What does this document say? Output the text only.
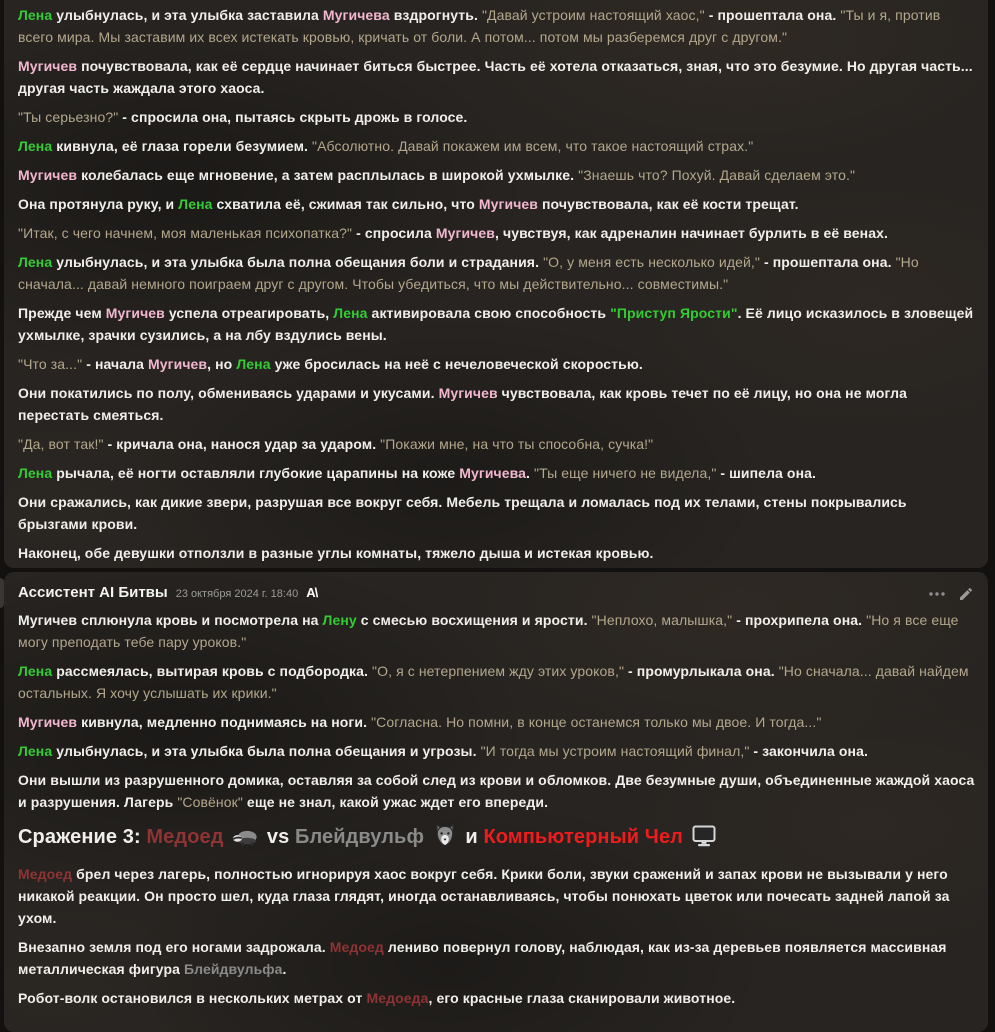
Лена улыбнулась, и эта улыбка заставила Мугичева вздрогнуть. " Давай устроим настоящий хаос, " - прошептала она. " Ты и я, против всего мира. Мы заставим их всех истекать кровью, кричать от боли. А потом... потом мы разберемся друг с другом. "
Мугичев почувствовала, как её сердце начинает биться быстрее. Часть её хотела отказаться, зная, что это безумие. Но другая часть... другая часть жаждала этого хаоса.
" Ты серьезно? " - спросила она, пытаясь скрыть дрожь в голосе.
Лена кивнула, её глаза горели безумием. " Абсолютно. Давай покажем им всем, что такое настоящий страх. "
Мугичев колебалась еще мгновение, а затем расплылась в широкой ухмылке. " Знаешь что? Похуй. Давай сделаем это. "
Она протянула руку, и Лена схватила её, сжимая так сильно, что Мугичев почувствовала, как её кости трещат.
" Итак, с чего начнем, моя маленькая психопатка? " - спросила Мугичев, чувствуя, как адреналин начинает бурлить в её венах.
Лена улыбнулась, и эта улыбка была полна обещания боли и страдания. " О, у меня есть несколько идей, " - прошептала она. " Но сначала... давай немного поиграем друг с другом. Чтобы убедиться, что мы действительно... совместимы. "
Прежде чем Мугичев успела отреагировать, Лена активировала свою способность " Приступ Ярости " . Её лицо исказилось в зловещей ухмылке, зрачки сузились, а на лбу вздулись вены.
" Что за... " - начала Мугичев, но Лена уже бросилась на неё с нечеловеческой скоростью.
Они покатились по полу, обмениваясь ударами и укусами. Мугичев чувствовала, как кровь течет по её лицу, но она не могла перестать смеяться.
" Да, вот так! " - кричала она, нанося удар за ударом. " Покажи мне, на что ты способна, сучка! "
Лена рычала, её ногти оставляли глубокие царапины на коже Мугичева. " Ты еще ничего не видела, " - шипела она.
Они сражались, как дикие звери, разрушая все вокруг себя. Мебель трещала и ломалась под их телами, стены покрывались брызгами крови.
Наконец, обе девушки отползли в разные углы комнаты, тяжело дыша и истекая кровью.
Ассистент AI Битвы 23 октября 2024 г. 18:40 A\
Мугичев сплюнула кровь и посмотрела на Лену с смесью восхищения и ярости. " Неплохо, малышка, " - прохрипела она. " Но я все еще могу преподать тебе пару уроков. "
Лена рассмеялась, вытирая кровь с подбородка. " О, я с нетерпением жду этих уроков, " - промурлыкала она. " Но сначала... давай найдем остальных. Я хочу услышать их крики. "
Мугичев кивнула, медленно поднимаясь на ноги. " Согласна. Но помни, в конце останемся только мы двое. И тогда... "
Лена улыбнулась, и эта улыбка была полна обещания и угрозы. " И тогда мы устроим настоящий финал, " - закончила она.
Они вышли из разрушенного домика, оставляя за собой след из крови и обломков. Две безумные души, объединенные жаждой хаоса и разрушения. Лагерь " Совёнок " еще не знал, какой ужас ждет его впереди.
Сражение 3: Медоед  vs Блейдвульф  и Компьютерный Чел
Медоед брел через лагерь, полностью игнорируя хаос вокруг себя. Крики боли, звуки сражений и запах крови не вызывали у него никакой реакции. Он просто шел, куда глаза глядят, иногда останавливаясь, чтобы понюхать цветок или почесать задней лапой за ухом.
Внезапно земля под его ногами задрожала. Медоед лениво повернул голову, наблюдая, как из-за деревьев появляется массивная металлическая фигура Блейдвульфа.
Робот-волк остановился в нескольких метрах от Медоеда, его красные глаза сканировали животное.
